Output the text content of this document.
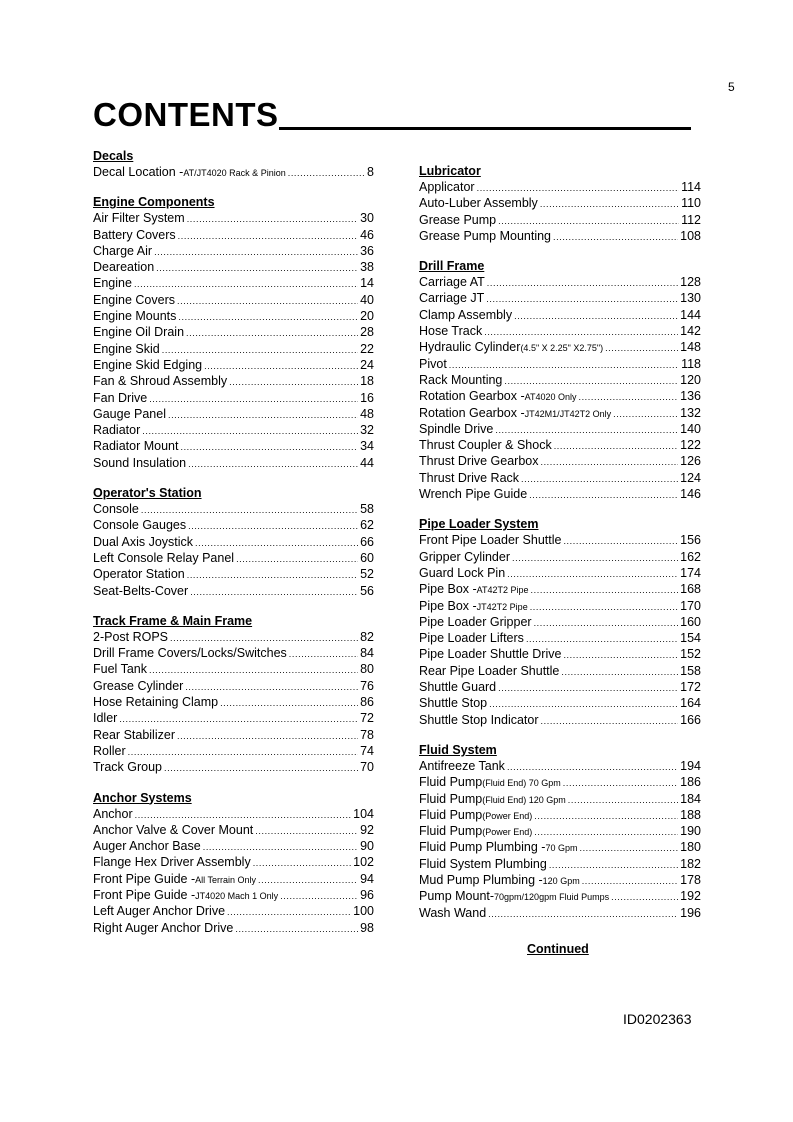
5
CONTENTS
Decals
Decal Location - AT/JT4020 Rack & Pinion .....	8
Engine Components
Air Filter System .....	30
Battery Covers .....	46
Charge Air .....	36
Deareation .....	38
Engine .....	14
Engine Covers .....	40
Engine Mounts .....	20
Engine Oil Drain .....	28
Engine Skid .....	22
Engine Skid Edging .....	24
Fan & Shroud Assembly .....	18
Fan Drive .....	16
Gauge Panel .....	48
Radiator .....	32
Radiator Mount .....	34
Sound Insulation .....	44
Operator's Station
Console .....	58
Console Gauges .....	62
Dual Axis Joystick .....	66
Left Console Relay Panel .....	60
Operator Station .....	52
Seat-Belts-Cover .....	56
Track Frame & Main Frame
2-Post ROPS .....	82
Drill Frame Covers/Locks/Switches .....	84
Fuel Tank .....	80
Grease Cylinder .....	76
Hose Retaining Clamp .....	86
Idler .....	72
Rear Stabilizer .....	78
Roller .....	74
Track Group .....	70
Anchor Systems
Anchor .....	104
Anchor Valve & Cover Mount .....	92
Auger Anchor Base .....	90
Flange Hex Driver Assembly .....	102
Front Pipe Guide - All Terrain Only .....	94
Front Pipe Guide - JT4020 Mach 1 Only .....	96
Left Auger Anchor Drive .....	100
Right Auger Anchor Drive .....	98
Lubricator
Applicator .....	114
Auto-Luber Assembly .....	110
Grease Pump .....	112
Grease Pump Mounting .....	108
Drill Frame
Carriage AT .....	128
Carriage JT .....	130
Clamp Assembly .....	144
Hose Track .....	142
Hydraulic Cylinder (4.5" X 2.25" X2.75") .....	148
Pivot .....	118
Rack Mounting .....	120
Rotation Gearbox - AT4020 Only .....	136
Rotation Gearbox - JT42M1/JT42T2 Only .....	132
Spindle Drive .....	140
Thrust Coupler & Shock .....	122
Thrust Drive Gearbox .....	126
Thrust Drive Rack .....	124
Wrench Pipe Guide .....	146
Pipe Loader System
Front Pipe Loader Shuttle .....	156
Gripper Cylinder .....	162
Guard Lock Pin .....	174
Pipe Box - AT42T2 Pipe .....	168
Pipe Box - JT42T2 Pipe .....	170
Pipe Loader Gripper .....	160
Pipe Loader Lifters .....	154
Pipe Loader Shuttle Drive .....	152
Rear Pipe Loader Shuttle .....	158
Shuttle Guard .....	172
Shuttle Stop .....	164
Shuttle Stop Indicator .....	166
Fluid System
Antifreeze Tank .....	194
Fluid Pump (Fluid End) 70 Gpm .....	186
Fluid Pump (Fluid End) 120 Gpm .....	184
Fluid Pump (Power End) .....	188
Fluid Pump (Power End) .....	190
Fluid Pump Plumbing - 70 Gpm .....	180
Fluid System Plumbing .....	182
Mud Pump Plumbing - 120 Gpm .....	178
Pump Mount- 70gpm/120gpm Fluid Pumps .....	192
Wash Wand .....	196
Continued
ID0202363
